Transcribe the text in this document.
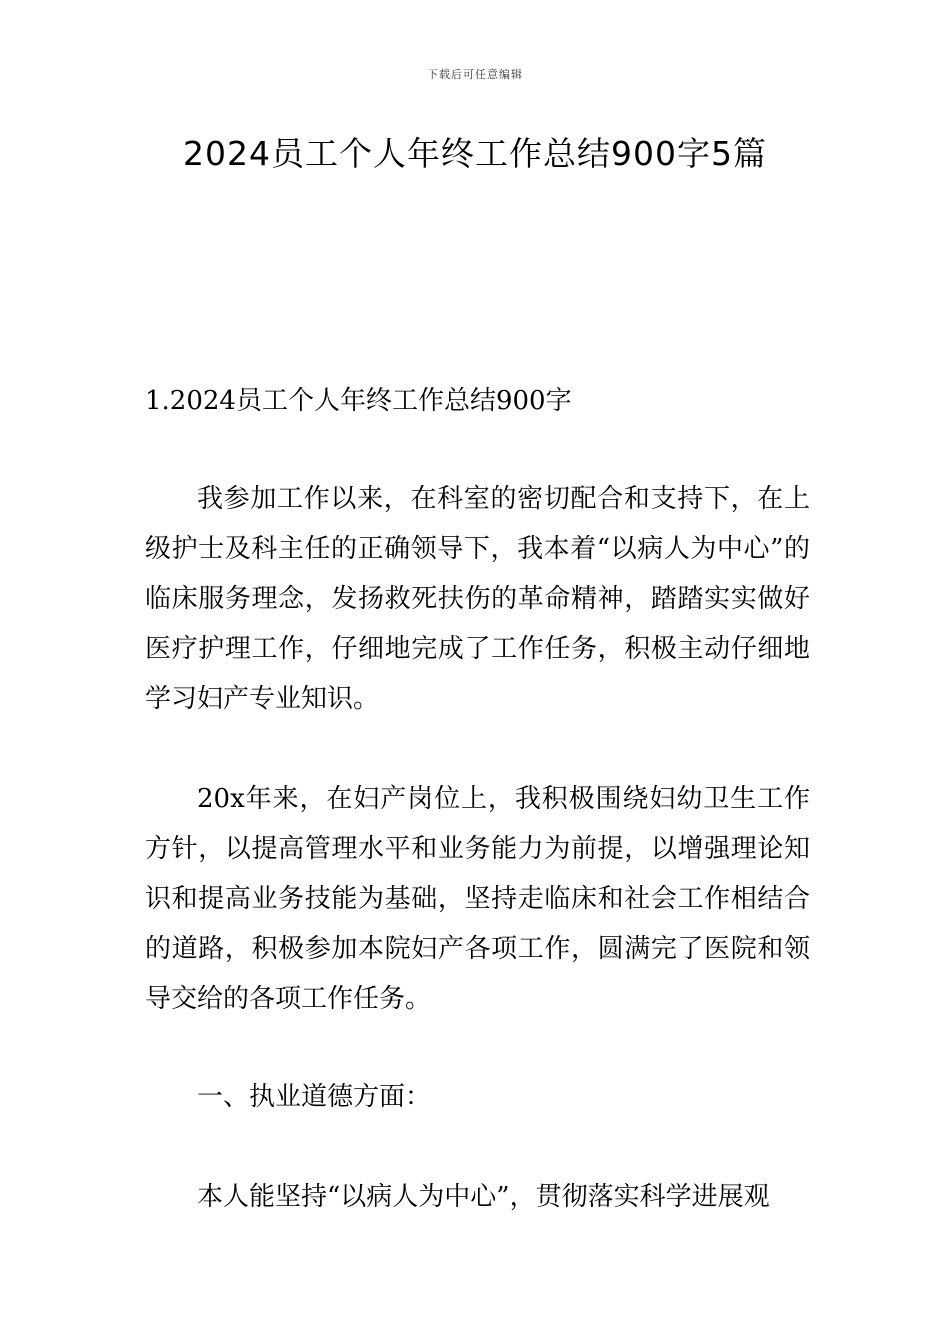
下载后可任意编辑
2024员工个人年终工作总结900字5篇

1.2024员工个人年终工作总结900字

我参加工作以来，在科室的密切配合和支持下，在上级护士及科主任的正确领导下，我本着“以病人为中心”的临床服务理念，发扬救死扶伤的革命精神，踏踏实实做好医疗护理工作，仔细地完成了工作任务，积极主动仔细地学习妇产专业知识。

20x年来，在妇产岗位上，我积极围绕妇幼卫生工作方针，以提高管理水平和业务能力为前提，以增强理论知识和提高业务技能为基础，坚持走临床和社会工作相结合的道路，积极参加本院妇产各项工作，圆满完了医院和领导交给的各项工作任务。

一、执业道德方面：

本人能坚持“以病人为中心”，贯彻落实科学进展观
